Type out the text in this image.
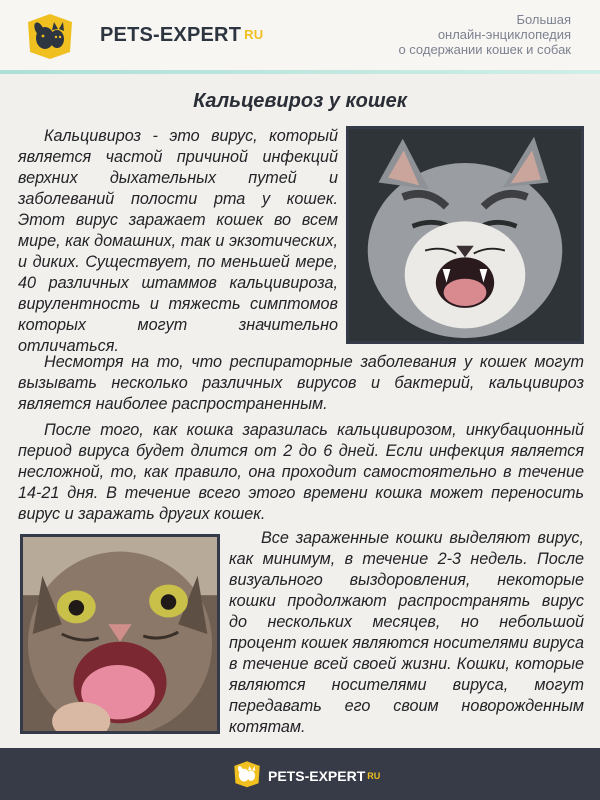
PETS-EXPERT RU
Большая
онлайн-энциклопедия
о содержании кошек и собак
Кальцевироз у кошек
Кальцивироз - это вирус, который является частой причиной инфекций верхних дыхательных путей и заболеваний полости рта у кошек. Этот вирус заражает кошек во всем мире, как домашних, так и экзотических, и диких. Существует, по меньшей мере, 40 различных штаммов кальцивироза, вирулентность и тяжесть симптомов которых могут значительно отличаться.
Несмотря на то, что респираторные заболевания у кошек могут вызывать несколько различных вирусов и бактерий, кальцивироз является наиболее распространенным.
После того, как кошка заразилась кальцивирозом, инкубационный период вируса будет длится от 2 до 6 дней. Если инфекция является несложной, то, как правило, она проходит самостоятельно в течение 14-21 дня. В течение всего этого времени кошка может переносить вирус и заражать других кошек.
Все зараженные кошки выделяют вирус, как минимум, в течение 2-3 недель. После визуального выздоровления, некоторые кошки продолжают распространять вирус до нескольких месяцев, но небольшой процент кошек являются носителями вируса в течение всей своей жизни. Кошки, которые являются носителями вируса, могут передавать его своим новорожденным котятам.
PETS-EXPERT RU
